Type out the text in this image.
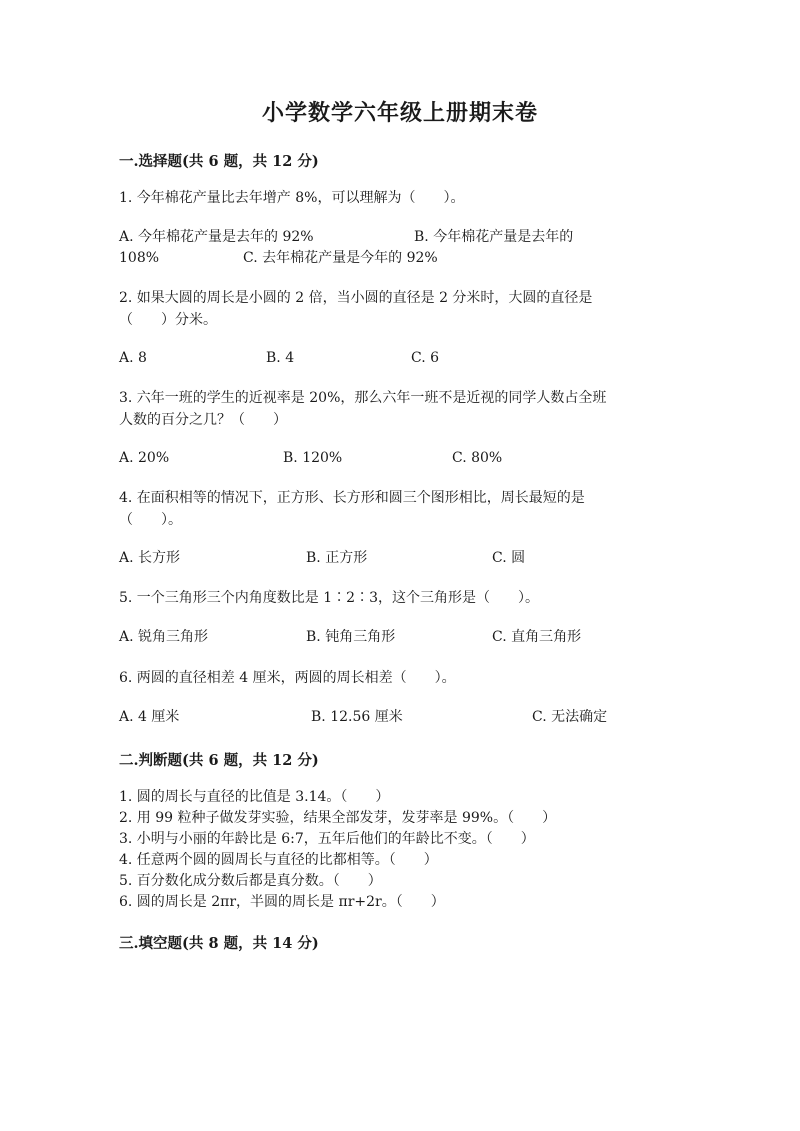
小学数学六年级上册期末卷
一.选择题(共 6 题，共 12 分)
1. 今年棉花产量比去年增产 8%，可以理解为（　　）。
A. 今年棉花产量是去年的 92%	B. 今年棉花产量是去年的
108%	C. 去年棉花产量是今年的 92%
2. 如果大圆的周长是小圆的 2 倍，当小圆的直径是 2 分米时，大圆的直径是
（　　）分米。
A. 8	B. 4	C. 6
3. 六年一班的学生的近视率是 20%，那么六年一班不是近视的同学人数占全班
人数的百分之几？（　　）
A. 20%	B. 120%	C. 80%
4. 在面积相等的情况下，正方形、长方形和圆三个图形相比，周长最短的是
（　　）。
A. 长方形	B. 正方形	C. 圆
5. 一个三角形三个内角度数比是 1∶2∶3，这个三角形是（　　）。
A. 锐角三角形	B. 钝角三角形	C. 直角三角形
6. 两圆的直径相差 4 厘米，两圆的周长相差（　　）。
A. 4 厘米	B. 12.56 厘米	C. 无法确定
二.判断题(共 6 题，共 12 分)
1. 圆的周长与直径的比值是 3.14。（　　）
2. 用 99 粒种子做发芽实验，结果全部发芽，发芽率是 99%。（　　）
3. 小明与小丽的年龄比是 6:7，五年后他们的年龄比不变。（　　）
4. 任意两个圆的圆周长与直径的比都相等。（　　）
5. 百分数化成分数后都是真分数。（　　）
6. 圆的周长是 2πr，半圆的周长是 πr+2r。（　　）
三.填空题(共 8 题，共 14 分)
